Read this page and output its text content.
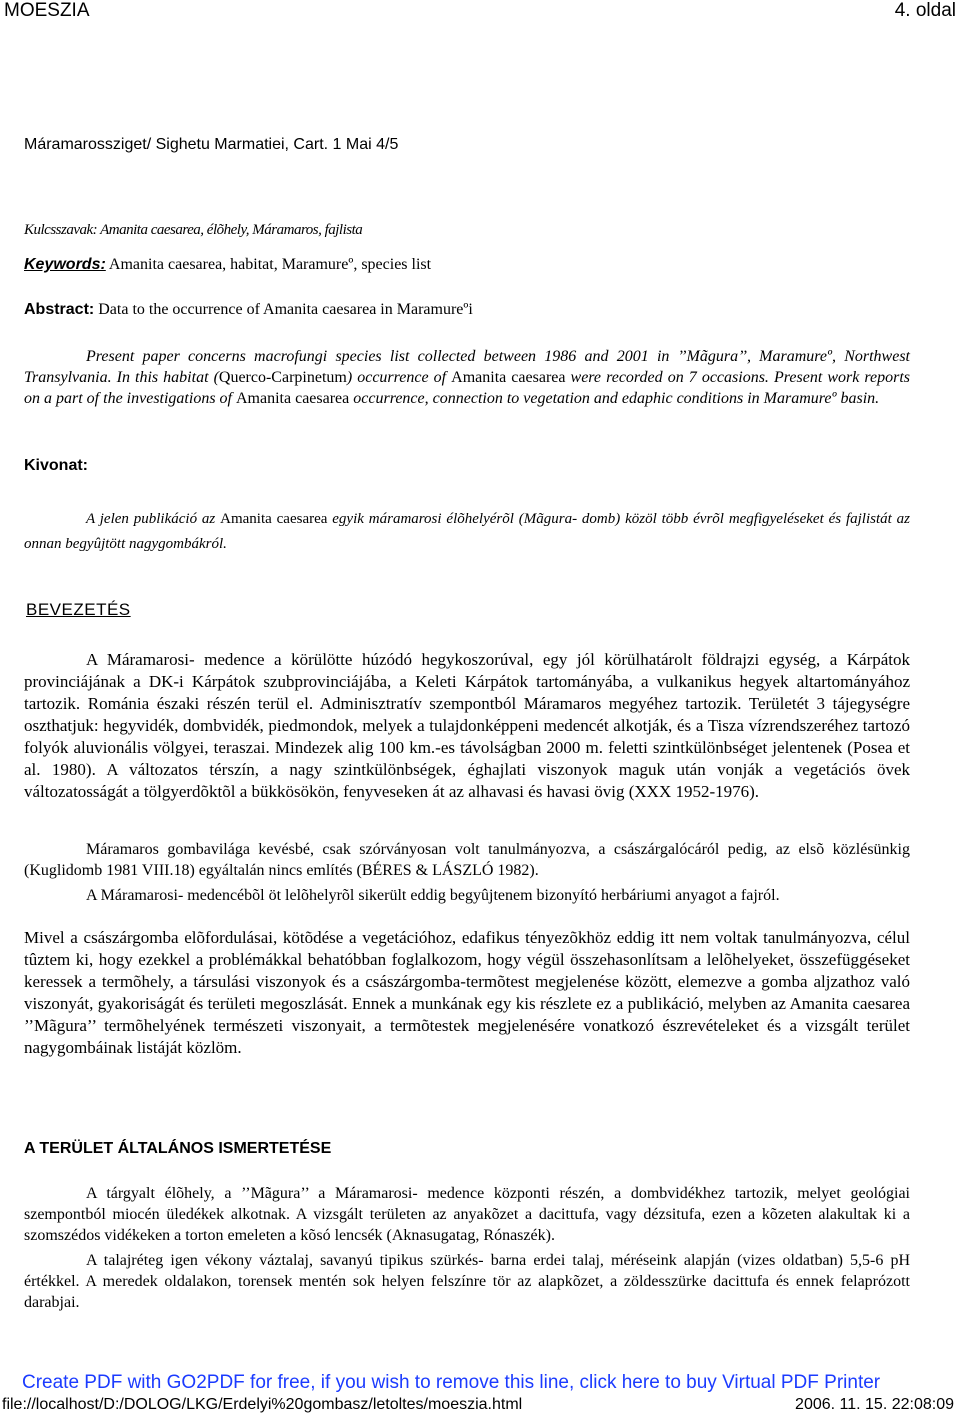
MOESZIA	4. oldal
Máramarossziget/ Sighetu Marmatiei, Cart. 1 Mai 4/5
Kulcsszavak: Amanita caesarea, élõhely, Máramaros, fajlista
Keywords: Amanita caesarea, habitat, Maramureº, species list
Abstract: Data to the occurrence of Amanita caesarea in Maramureºi
Present paper concerns macrofungi species list collected between 1986 and 2001 in ’’Mãgura’’, Maramureº, Northwest Transylvania. In this habitat (Querco-Carpinetum) occurrence of Amanita caesarea were recorded on 7 occasions. Present work reports on a part of the investigations of Amanita caesarea occurrence, connection to vegetation and edaphic conditions in Maramureº basin.
Kivonat:
A jelen publikáció az Amanita caesarea egyik máramarosi élõhelyérõl (Mãgura- domb) közöl több évrõl megfigyeléseket és fajlistát az onnan begyûjtött nagygombákról.
BEVEZETÉS
A Máramarosi- medence a körülötte húzódó hegykoszorúval, egy jól körülhatárolt földrajzi egység, a Kárpátok provinciájának a DK-i Kárpátok szubprovinciájába, a Keleti Kárpátok tartományába, a vulkanikus hegyek altartományához tartozik. Románia északi részén terül el. Adminisztratív szempontból Máramaros megyéhez tartozik. Területét 3 tájegységre oszthatjuk: hegyvidék, dombvidék, piedmondok, melyek a tulajdonképpeni medencét alkotják, és a Tisza vízrendszeréhez tartozó folyók aluvionális völgyei, teraszai. Mindezek alig 100 km.-es távolságban 2000 m. feletti szintkülönbséget jelentenek (Posea et al. 1980). A változatos térszín, a nagy szintkülönbségek, éghajlati viszonyok maguk után vonják a vegetációs övek változatosságát a tölgyerdõktõl a bükkösökön, fenyveseken át az alhavasi és havasi övig (XXX 1952-1976).
Máramaros gombavilága kevésbé, csak szórványosan volt tanulmányozva, a császárgalócáról pedig, az elsõ közlésünkig (Kuglidomb 1981 VIII.18) egyáltalán nincs említés (BÉRES & LÁSZLÓ 1982).
A Máramarosi- medencébõl öt lelõhelyrõl sikerült eddig begyûjtenem bizonyító herbáriumi anyagot a fajról.
Mivel a császárgomba elõfordulásai, kötõdése a vegetációhoz, edafikus tényezõkhöz eddig itt nem voltak tanulmányozva, célul tûztem ki, hogy ezekkel a problémákkal behatóbban foglalkozom, hogy végül összehasonlítsam a lelõhelyeket, összefüggéseket keressek a termõhely, a társulási viszonyok és a császárgomba-termõtest megjelenése között, elemezve a gomba aljzathoz való viszonyát, gyakoriságát és területi megoszlását. Ennek a munkának egy kis részlete ez a publikáció, melyben az Amanita caesarea ’’Mãgura’’ termõhelyének természeti viszonyait, a termõtestek megjelenésére vonatkozó észrevételeket és a vizsgált terület nagygombáinak listáját közlöm.
A TERÜLET ÁLTALÁNOS ISMERTETÉSE
A tárgyalt élõhely, a ’’Mãgura’’ a Máramarosi- medence központi részén, a dombvidékhez tartozik, melyet geológiai szempontból miocén üledékek alkotnak. A vizsgált területen az anyakõzet a dacittufa, vagy dézsitufa, ezen a kõzeten alakultak ki a szomszédos vidékeken a torton emeleten a kõsó lencsék (Aknasugatag, Rónaszék).
A talajréteg igen vékony váztalaj, savanyú tipikus szürkés- barna erdei talaj, méréseink alapján (vizes oldatban) 5,5-6 pH értékkel. A meredek oldalakon, torensek mentén sok helyen felszínre tör az alapkõzet, a zöldesszürke dacittufa és ennek felaprózott darabjai.
Create PDF with GO2PDF for free, if you wish to remove this line, click here to buy Virtual PDF Printer
file://localhost/D:/DOLOG/LKG/Erdelyi%20gombasz/letoltes/moeszia.html	2006. 11. 15. 22:08:09
